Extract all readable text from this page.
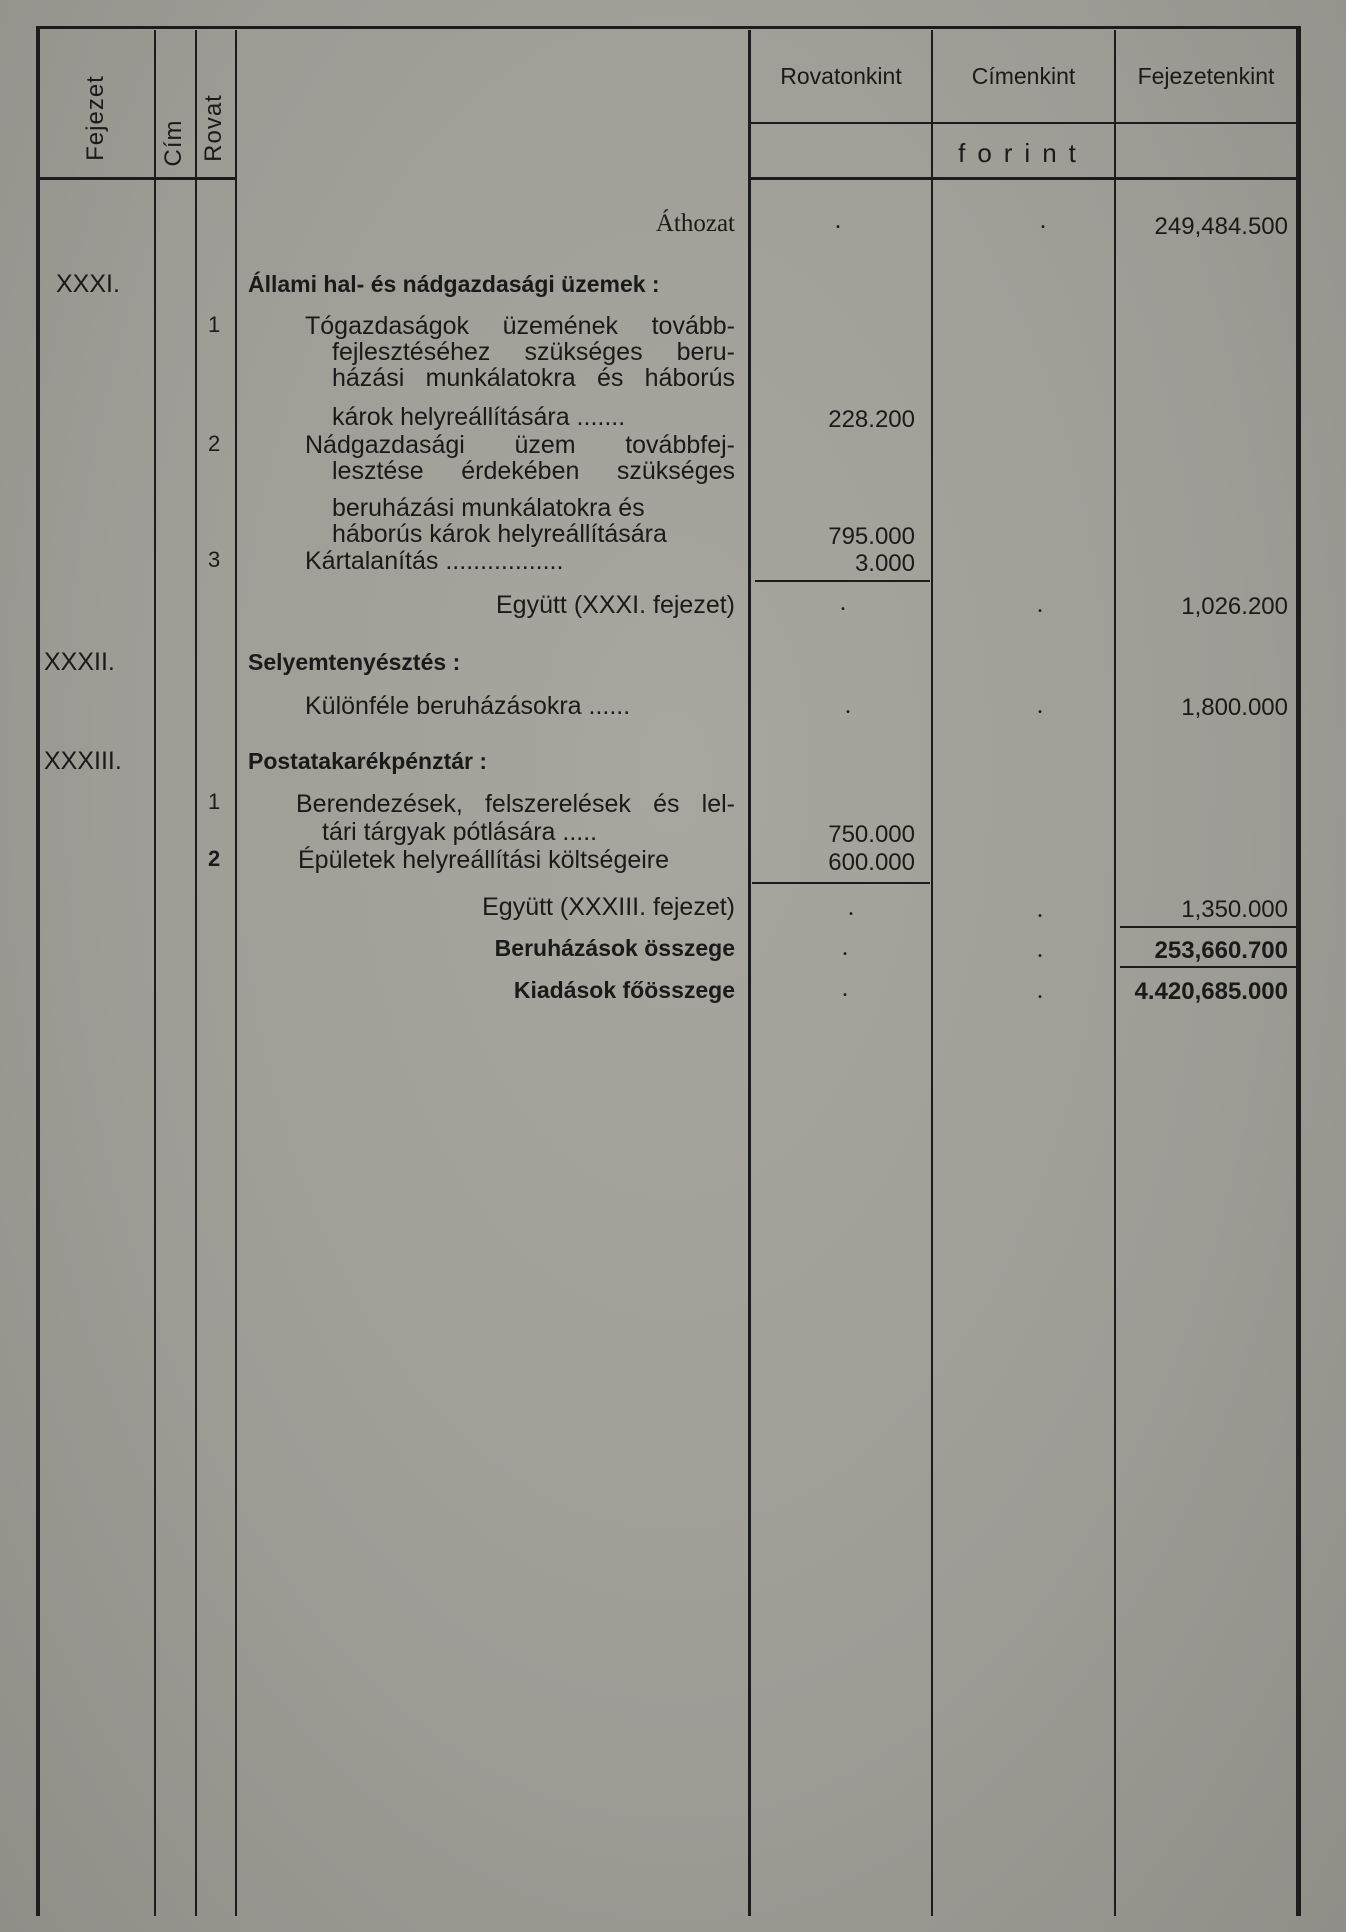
Fejezet Cím Rovat
Rovatonkint	Címenkint	Fejezetenkint
forint
Áthozat	.	.	249,484.500
XXXI.	Állami hal- és nádgazdasági üzemek :
1	Tógazdaságok üzemének tovább-
fejlesztéséhez szükséges beru-
házási munkálatokra és háborús
károk helyreállítására .......	228.200
2	Nádgazdasági üzem továbbfej-
lesztése érdekében szükséges
beruházási munkálatokra és
háborús károk helyreállítására	795.000
3	Kártalanítás .................	3.000
Együtt (XXXI. fejezet)	.	.	1,026.200
XXXII.	Selyemtenyésztés :
Különféle beruházásokra ......	.	.	1,800.000
XXXIII.	Postatakarékpénztár :
1	Berendezések, felszerelések és lel-
tári tárgyak pótlására .....	750.000
2	Épületek helyreállítási költségeire	600.000
Együtt (XXXIII. fejezet)	.	.	1,350.000
Beruházások összege	.	.	253,660.700
Kiadások főösszege	.	.	4.420,685.000
